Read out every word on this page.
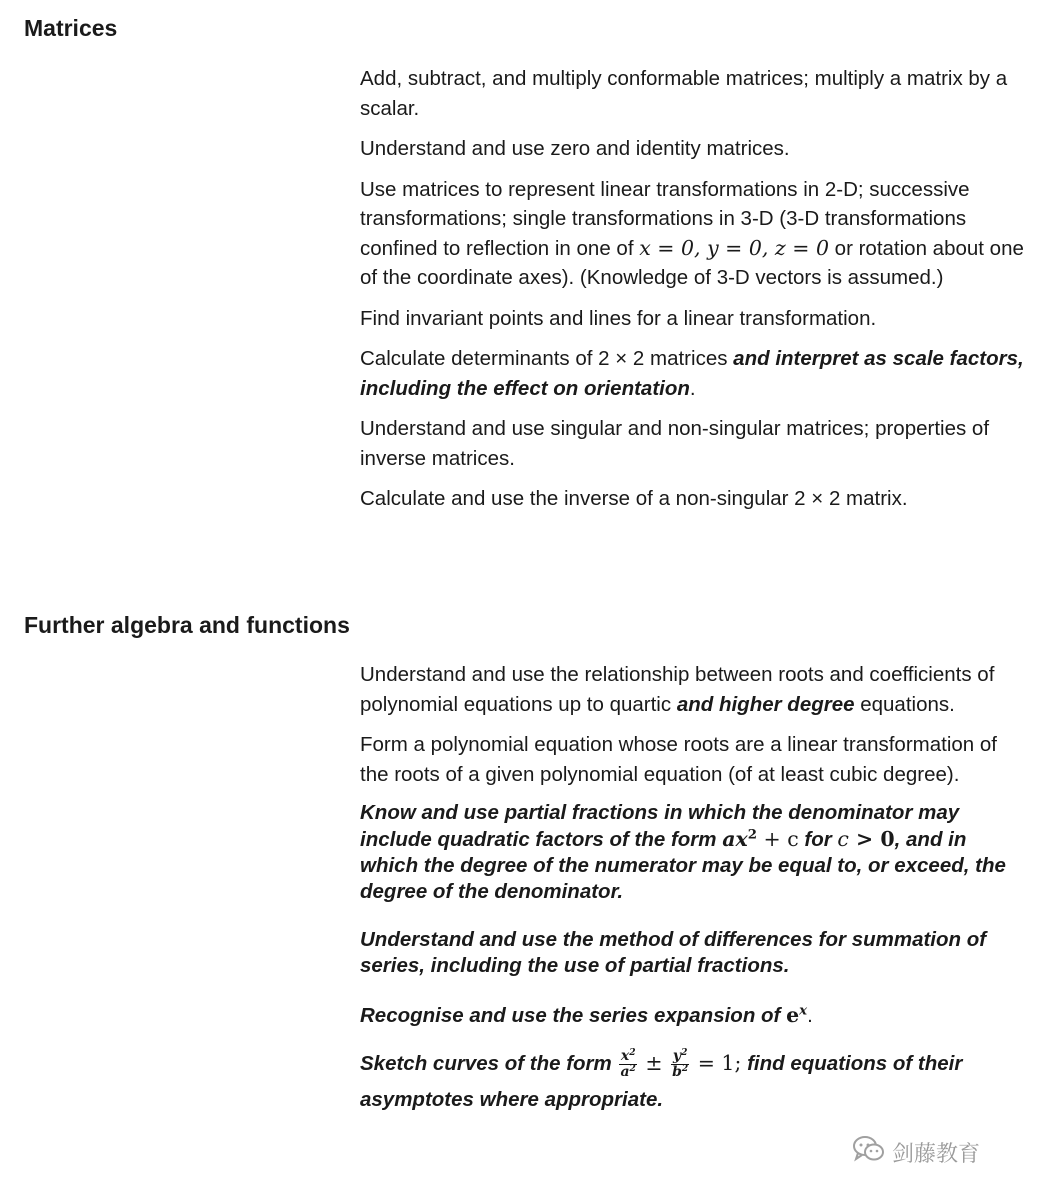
Matrices

Add, subtract, and multiply conformable matrices; multiply a matrix by a scalar.

Understand and use zero and identity matrices.

Use matrices to represent linear transformations in 2-D; successive transformations; single transformations in 3-D (3-D transformations confined to reflection in one of x = 0, y = 0, z = 0 or rotation about one of the coordinate axes). (Knowledge of 3-D vectors is assumed.)

Find invariant points and lines for a linear transformation.

Calculate determinants of 2 × 2 matrices and interpret as scale factors, including the effect on orientation.

Understand and use singular and non-singular matrices; properties of inverse matrices.

Calculate and use the inverse of a non-singular 2 × 2 matrix.

Further algebra and functions

Understand and use the relationship between roots and coefficients of polynomial equations up to quartic and higher degree equations.

Form a polynomial equation whose roots are a linear transformation of the roots of a given polynomial equation (of at least cubic degree).

Know and use partial fractions in which the denominator may include quadratic factors of the form $ax^2 + c$ for c > 0, and in which the degree of the numerator may be equal to, or exceed, the degree of the denominator.

Understand and use the method of differences for summation of series, including the use of partial fractions.

Recognise and use the series expansion of $e^x$.

Sketch curves of the form $\frac{x^2}{a^2} \pm \frac{y^2}{b^2} = 1$; find equations of their asymptotes where appropriate.

剑藤教育
